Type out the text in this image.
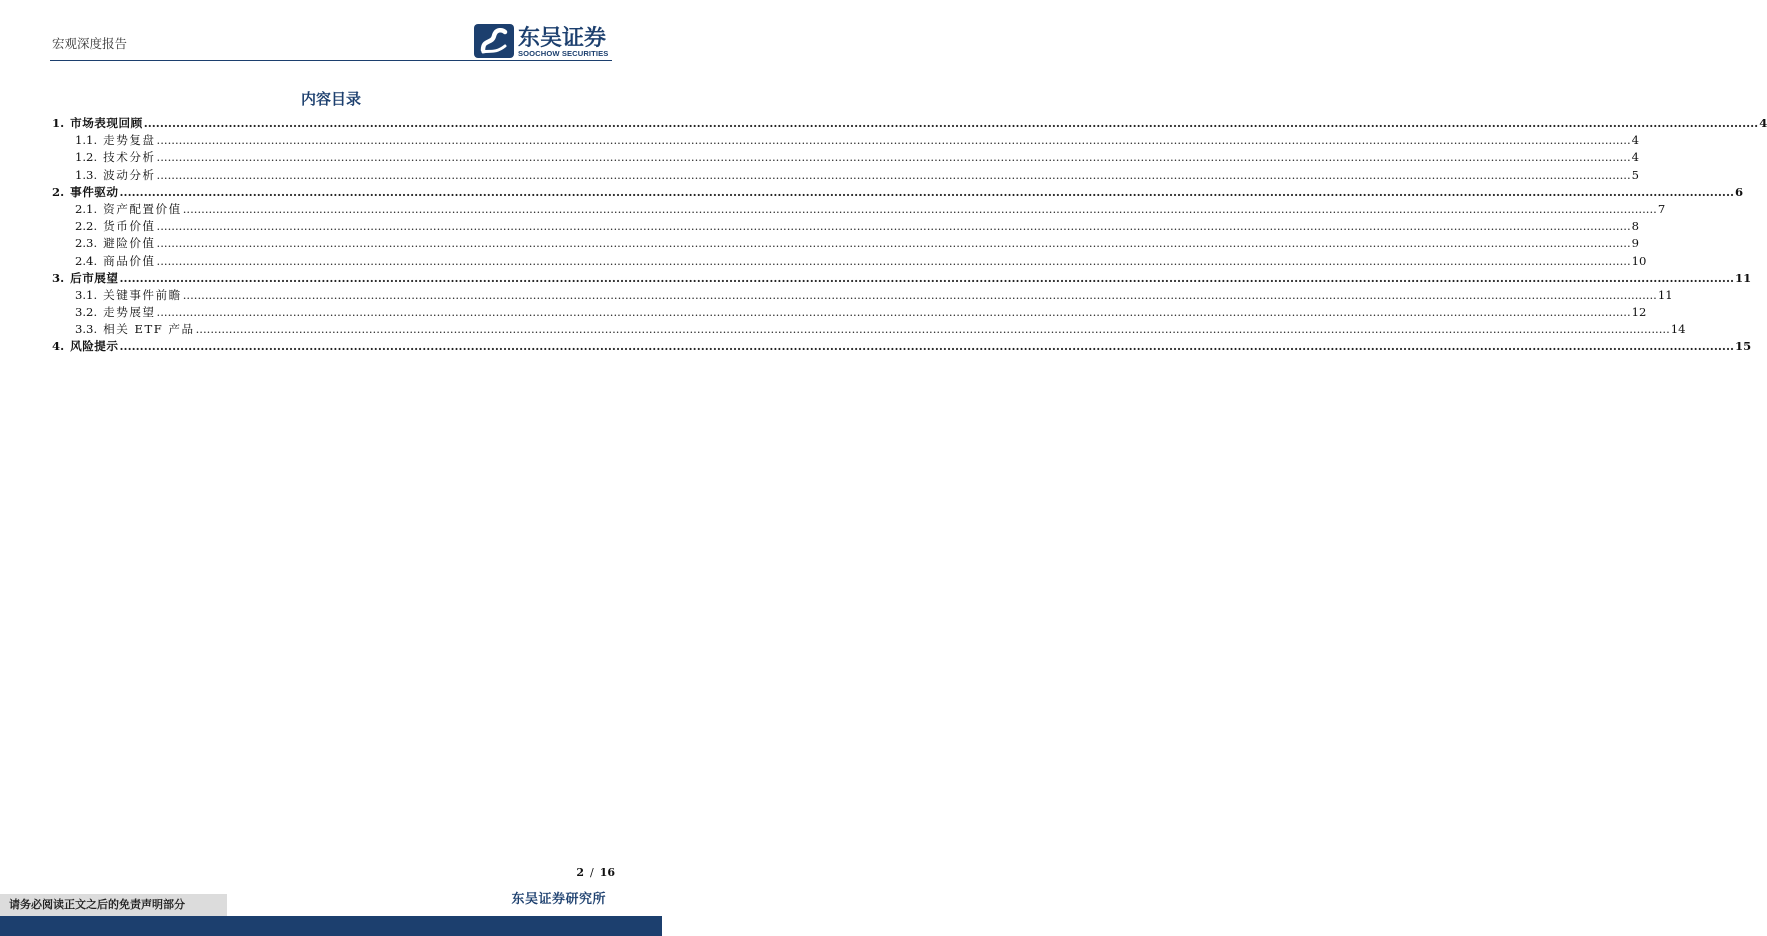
宏观深度报告	东吴证券
SOOCHOW SECURITIES
内容目录
1. 市场表现回顾 ................................................................................................................................................................................................................................................................................................................................................................................................................ 4
1.1. 走势复盘 ................................................................................................................................................................................................................................................................................................................................................................................................................ 4
1.2. 技术分析 ................................................................................................................................................................................................................................................................................................................................................................................................................ 4
1.3. 波动分析 ................................................................................................................................................................................................................................................................................................................................................................................................................ 5
2. 事件驱动 ................................................................................................................................................................................................................................................................................................................................................................................................................ 6
2.1. 资产配置价值 ................................................................................................................................................................................................................................................................................................................................................................................................................ 7
2.2. 货币价值 ................................................................................................................................................................................................................................................................................................................................................................................................................ 8
2.3. 避险价值 ................................................................................................................................................................................................................................................................................................................................................................................................................ 9
2.4. 商品价值 ................................................................................................................................................................................................................................................................................................................................................................................................................ 10
3. 后市展望 ................................................................................................................................................................................................................................................................................................................................................................................................................ 11
3.1. 关键事件前瞻 ................................................................................................................................................................................................................................................................................................................................................................................................................ 11
3.2. 走势展望 ................................................................................................................................................................................................................................................................................................................................................................................................................ 12
3.3. 相关 ETF 产品 ................................................................................................................................................................................................................................................................................................................................................................................................................ 14
4. 风险提示 ................................................................................................................................................................................................................................................................................................................................................................................................................ 15
2 / 16
请务必阅读正文之后的免责声明部分	东吴证券研究所
